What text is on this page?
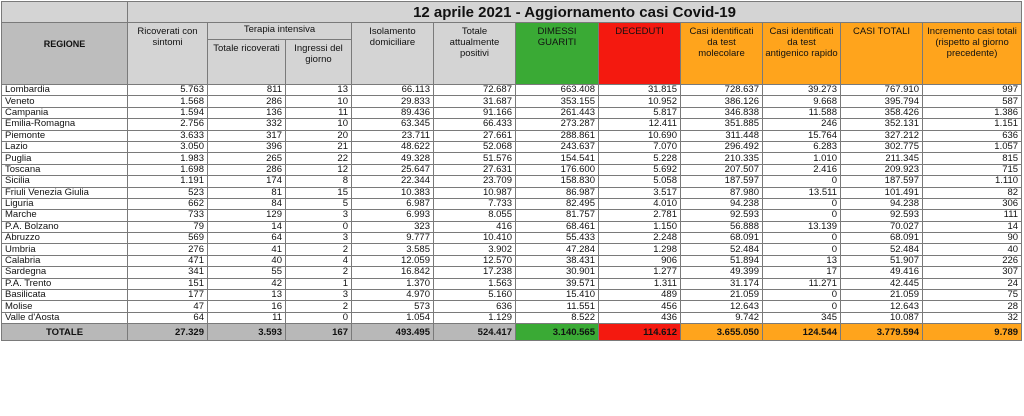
	12 aprile 2021 - Aggiornamento casi Covid-19										
REGIONE	Ricoverati con sintomi	Terapia intensiva		Isolamento domiciliare	Totale attualmente positivi	DIMESSI GUARITI	DECEDUTI	Casi identificati da test molecolare	Casi identificati da test antigenico rapido	CASI TOTALI	Incremento casi totali (rispetto al giorno precedente)
		Totale ricoverati	Ingressi del giorno								
Lombardia	5.763	811	13	66.113	72.687	663.408	31.815	728.637	39.273	767.910	997
Veneto	1.568	286	10	29.833	31.687	353.155	10.952	386.126	9.668	395.794	587
Campania	1.594	136	11	89.436	91.166	261.443	5.817	346.838	11.588	358.426	1.386
Emilia-Romagna	2.756	332	10	63.345	66.433	273.287	12.411	351.885	246	352.131	1.151
Piemonte	3.633	317	20	23.711	27.661	288.861	10.690	311.448	15.764	327.212	636
Lazio	3.050	396	21	48.622	52.068	243.637	7.070	296.492	6.283	302.775	1.057
Puglia	1.983	265	22	49.328	51.576	154.541	5.228	210.335	1.010	211.345	815
Toscana	1.698	286	12	25.647	27.631	176.600	5.692	207.507	2.416	209.923	715
Sicilia	1.191	174	8	22.344	23.709	158.830	5.058	187.597	0	187.597	1.110
Friuli Venezia Giulia	523	81	15	10.383	10.987	86.987	3.517	87.980	13.511	101.491	82
Liguria	662	84	5	6.987	7.733	82.495	4.010	94.238	0	94.238	306
Marche	733	129	3	6.993	8.055	81.757	2.781	92.593	0	92.593	111
P.A. Bolzano	79	14	0	323	416	68.461	1.150	56.888	13.139	70.027	14
Abruzzo	569	64	3	9.777	10.410	55.433	2.248	68.091	0	68.091	90
Umbria	276	41	2	3.585	3.902	47.284	1.298	52.484	0	52.484	40
Calabria	471	40	4	12.059	12.570	38.431	906	51.894	13	51.907	226
Sardegna	341	55	2	16.842	17.238	30.901	1.277	49.399	17	49.416	307
P.A. Trento	151	42	1	1.370	1.563	39.571	1.311	31.174	11.271	42.445	24
Basilicata	177	13	3	4.970	5.160	15.410	489	21.059	0	21.059	75
Molise	47	16	2	573	636	11.551	456	12.643	0	12.643	28
Valle d'Aosta	64	11	0	1.054	1.129	8.522	436	9.742	345	10.087	32
TOTALE	27.329	3.593	167	493.495	524.417	3.140.565	114.612	3.655.050	124.544	3.779.594	9.789
